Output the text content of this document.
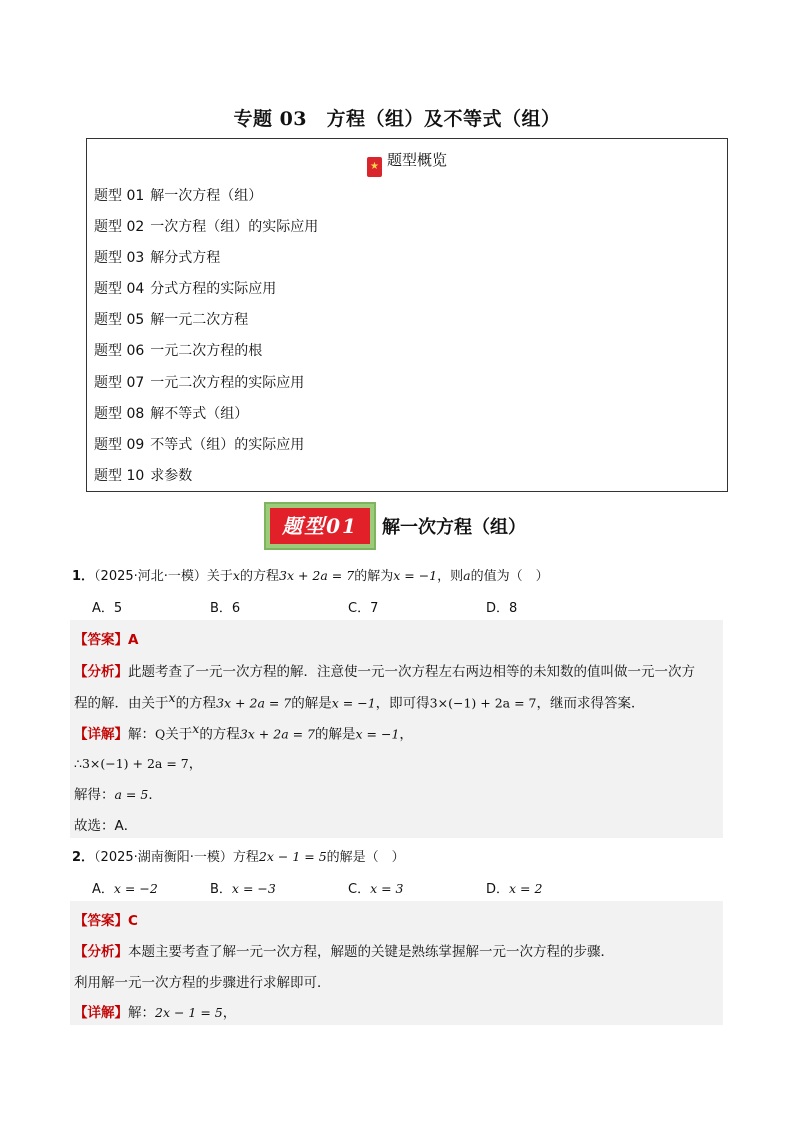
专题 03　方程（组）及不等式（组）
★ 题型概览
题型 01 解一次方程（组）
题型 02 一次方程（组）的实际应用
题型 03 解分式方程
题型 04 分式方程的实际应用
题型 05 解一元二次方程
题型 06 一元二次方程的根
题型 07 一元二次方程的实际应用
题型 08 解不等式（组）
题型 09 不等式（组）的实际应用
题型 10 求参数
题型01	解一次方程（组）
1．（2025·河北·一模）关于x的方程3x + 2a = 7的解为x = −1，则a的值为（　）
A．5	B．6	C．7	D．8
【答案】A
【分析】此题考查了一元一次方程的解．注意使一元一次方程左右两边相等的未知数的值叫做一元一次方
程的解．由关于$^x$的方程3x + 2a = 7的解是x = −1，即可得3×(−1) + 2a = 7，继而求得答案．
【详解】解：Q关于$^x$的方程3x + 2a = 7的解是x = −1，
∴3×(−1) + 2a = 7，
解得：a = 5．
故选：A．
2．（2025·湖南衡阳·一模）方程2x − 1 = 5的解是（　）
A．x = −2	B．x = −3	C．x = 3	D．x = 2
【答案】C
【分析】本题主要考查了解一元一次方程，解题的关键是熟练掌握解一元一次方程的步骤．
利用解一元一次方程的步骤进行求解即可．
【详解】解：2x − 1 = 5，
